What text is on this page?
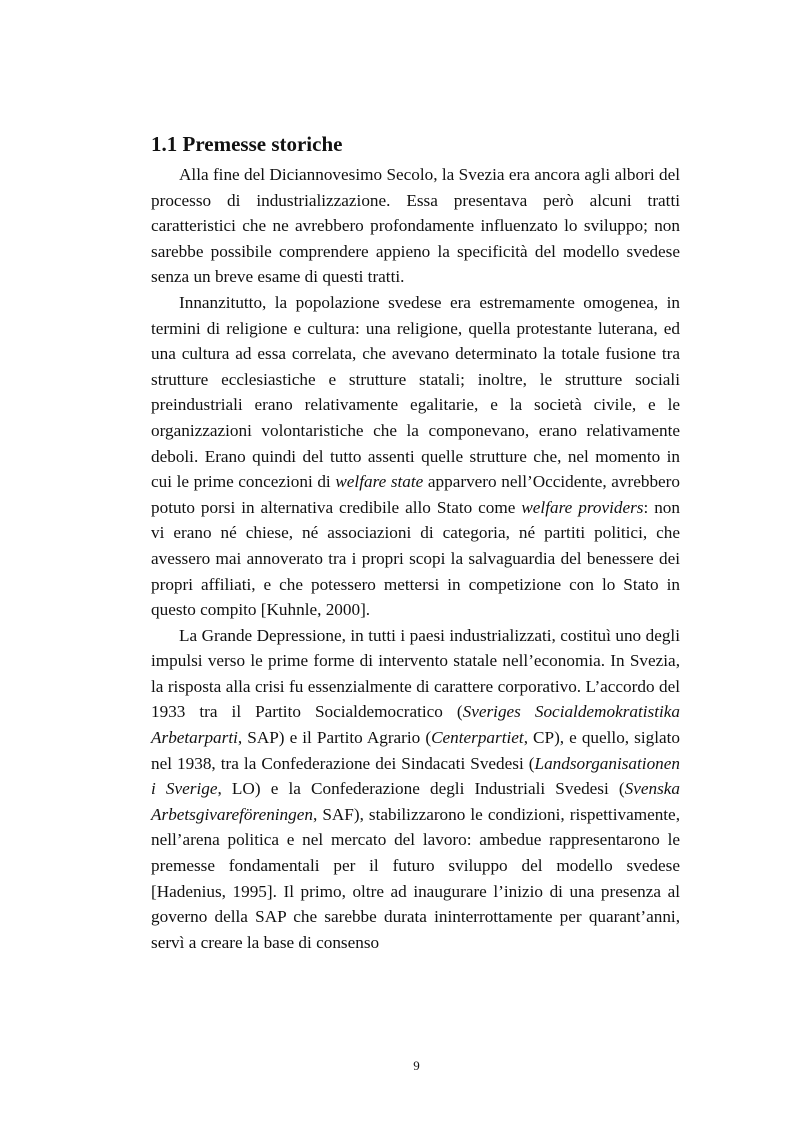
1.1 Premesse storiche

Alla fine del Diciannovesimo Secolo, la Svezia era ancora agli albori del processo di industrializzazione. Essa presentava però alcuni tratti caratteristici che ne avrebbero profondamente influenzato lo sviluppo; non sarebbe possibile comprendere appieno la specificità del modello svedese senza un breve esame di questi tratti.

Innanzitutto, la popolazione svedese era estremamente omogenea, in termini di religione e cultura: una religione, quella protestante luterana, ed una cultura ad essa correlata, che avevano determinato la totale fusione tra strutture ecclesiastiche e strutture statali; inoltre, le strutture sociali preindustriali erano relativamente egalitarie, e la società civile, e le organizzazioni volontaristiche che la componevano, erano relativamente deboli. Erano quindi del tutto assenti quelle strutture che, nel momento in cui le prime concezioni di welfare state apparvero nell’Occidente, avrebbero potuto porsi in alternativa credibile allo Stato come welfare providers: non vi erano né chiese, né associazioni di categoria, né partiti politici, che avessero mai annoverato tra i propri scopi la salvaguardia del benessere dei propri affiliati, e che potessero mettersi in competizione con lo Stato in questo compito [Kuhnle, 2000].

La Grande Depressione, in tutti i paesi industrializzati, costituì uno degli impulsi verso le prime forme di intervento statale nell’economia. In Svezia, la risposta alla crisi fu essenzialmente di carattere corporativo. L’accordo del 1933 tra il Partito Socialdemocratico (Sveriges Socialdemokratistika Arbetarparti, SAP) e il Partito Agrario (Centerpartiet, CP), e quello, siglato nel 1938, tra la Confederazione dei Sindacati Svedesi (Landsorganisationen i Sverige, LO) e la Confederazione degli Industriali Svedesi (Svenska Arbetsgivareföreningen, SAF), stabilizzarono le condizioni, rispettivamente, nell’arena politica e nel mercato del lavoro: ambedue rappresentarono le premesse fondamentali per il futuro sviluppo del modello svedese [Hadenius, 1995]. Il primo, oltre ad inaugurare l’inizio di una presenza al governo della SAP che sarebbe durata ininterrottamente per quarant’anni, servì a creare la base di consenso

9
